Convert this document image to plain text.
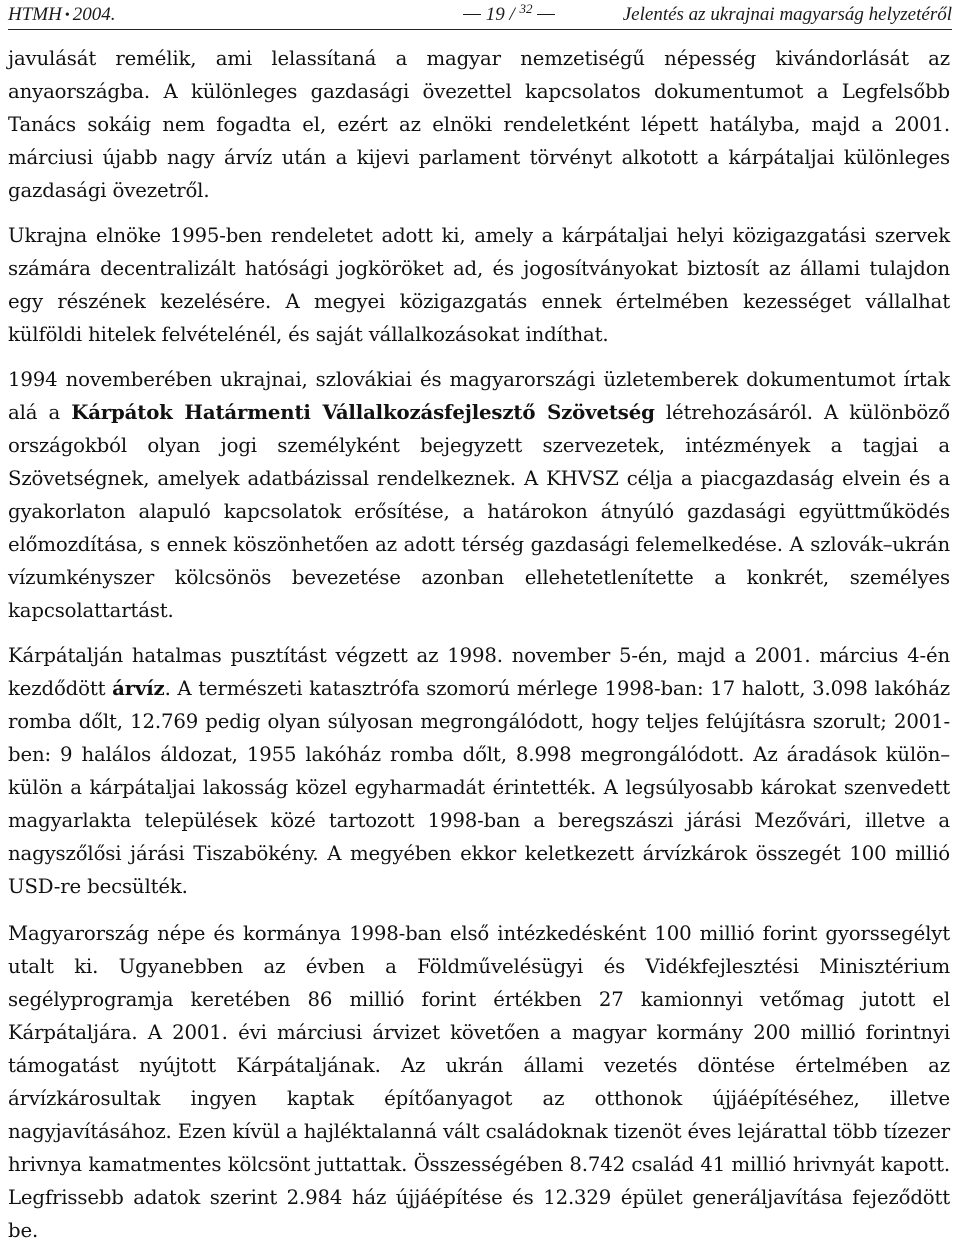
HTMH • 2004.	19 / $^{32}$	Jelentés az ukrajnai magyarság helyzetéről

javulását remélik, ami lelassítaná a magyar nemzetiségű népesség kivándorlását az anyaországba. A különleges gazdasági övezettel kapcsolatos dokumentumot a Legfelsőbb Tanács sokáig nem fogadta el, ezért az elnöki rendeletként lépett hatályba, majd a 2001. márciusi újabb nagy árvíz után a kijevi parlament törvényt alkotott a kárpátaljai különleges gazdasági övezetről.

Ukrajna elnöke 1995-ben rendeletet adott ki, amely a kárpátaljai helyi közigazgatási szervek számára decentralizált hatósági jogköröket ad, és jogosítványokat biztosít az állami tulajdon egy részének kezelésére. A megyei közigazgatás ennek értelmében kezességet vállalhat külföldi hitelek felvételénél, és saját vállalkozásokat indíthat.

1994 novemberében ukrajnai, szlovákiai és magyarországi üzletemberek dokumentumot írtak alá a Kárpátok Határmenti Vállalkozásfejlesztő Szövetség létrehozásáról. A különböző országokból olyan jogi személyként bejegyzett szervezetek, intézmények a tagjai a Szövetségnek, amelyek adatbázissal rendelkeznek. A KHVSZ célja a piacgazdaság elvein és a gyakorlaton alapuló kapcsolatok erősítése, a határokon átnyúló gazdasági együttműködés előmozdítása, s ennek köszönhetően az adott térség gazdasági felemelkedése. A szlovák–ukrán vízumkényszer kölcsönös bevezetése azonban ellehetetlenítette a konkrét, személyes kapcsolattartást.

Kárpátalján hatalmas pusztítást végzett az 1998. november 5-én, majd a 2001. március 4-én kezdődött árvíz. A természeti katasztrófa szomorú mérlege 1998-ban: 17 halott, 3.098 lakóház romba dőlt, 12.769 pedig olyan súlyosan megrongálódott, hogy teljes felújításra szorult; 2001-ben: 9 halálos áldozat, 1955 lakóház romba dőlt, 8.998 megrongálódott. Az áradások külön–külön a kárpátaljai lakosság közel egyharmadát érintették. A legsúlyosabb károkat szenvedett magyarlakta települések közé tartozott 1998-ban a beregszászi járási Mezővári, illetve a nagyszőlősi járási Tiszabökény. A megyében ekkor keletkezett árvízkárok összegét 100 millió USD-re becsülték.

Magyarország népe és kormánya 1998-ban első intézkedésként 100 millió forint gyorssegélyt utalt ki. Ugyanebben az évben a Földművelésügyi és Vidékfejlesztési Minisztérium segélyprogramja keretében 86 millió forint értékben 27 kamionnyi vetőmag jutott el Kárpátaljára. A 2001. évi márciusi árvizet követően a magyar kormány 200 millió forintnyi támogatást nyújtott Kárpátaljának. Az ukrán állami vezetés döntése értelmében az árvízkárosultak ingyen kaptak építőanyagot az otthonok újjáépítéséhez, illetve nagyjavításához. Ezen kívül a hajléktalanná vált családoknak tizenöt éves lejárattal több tízezer hrivnya kamatmentes kölcsönt juttattak. Összességében 8.742 család 41 millió hrivnyát kapott. Legfrissebb adatok szerint 2.984 ház újjáépítése és 12.329 épület generáljavítása fejeződött be.
